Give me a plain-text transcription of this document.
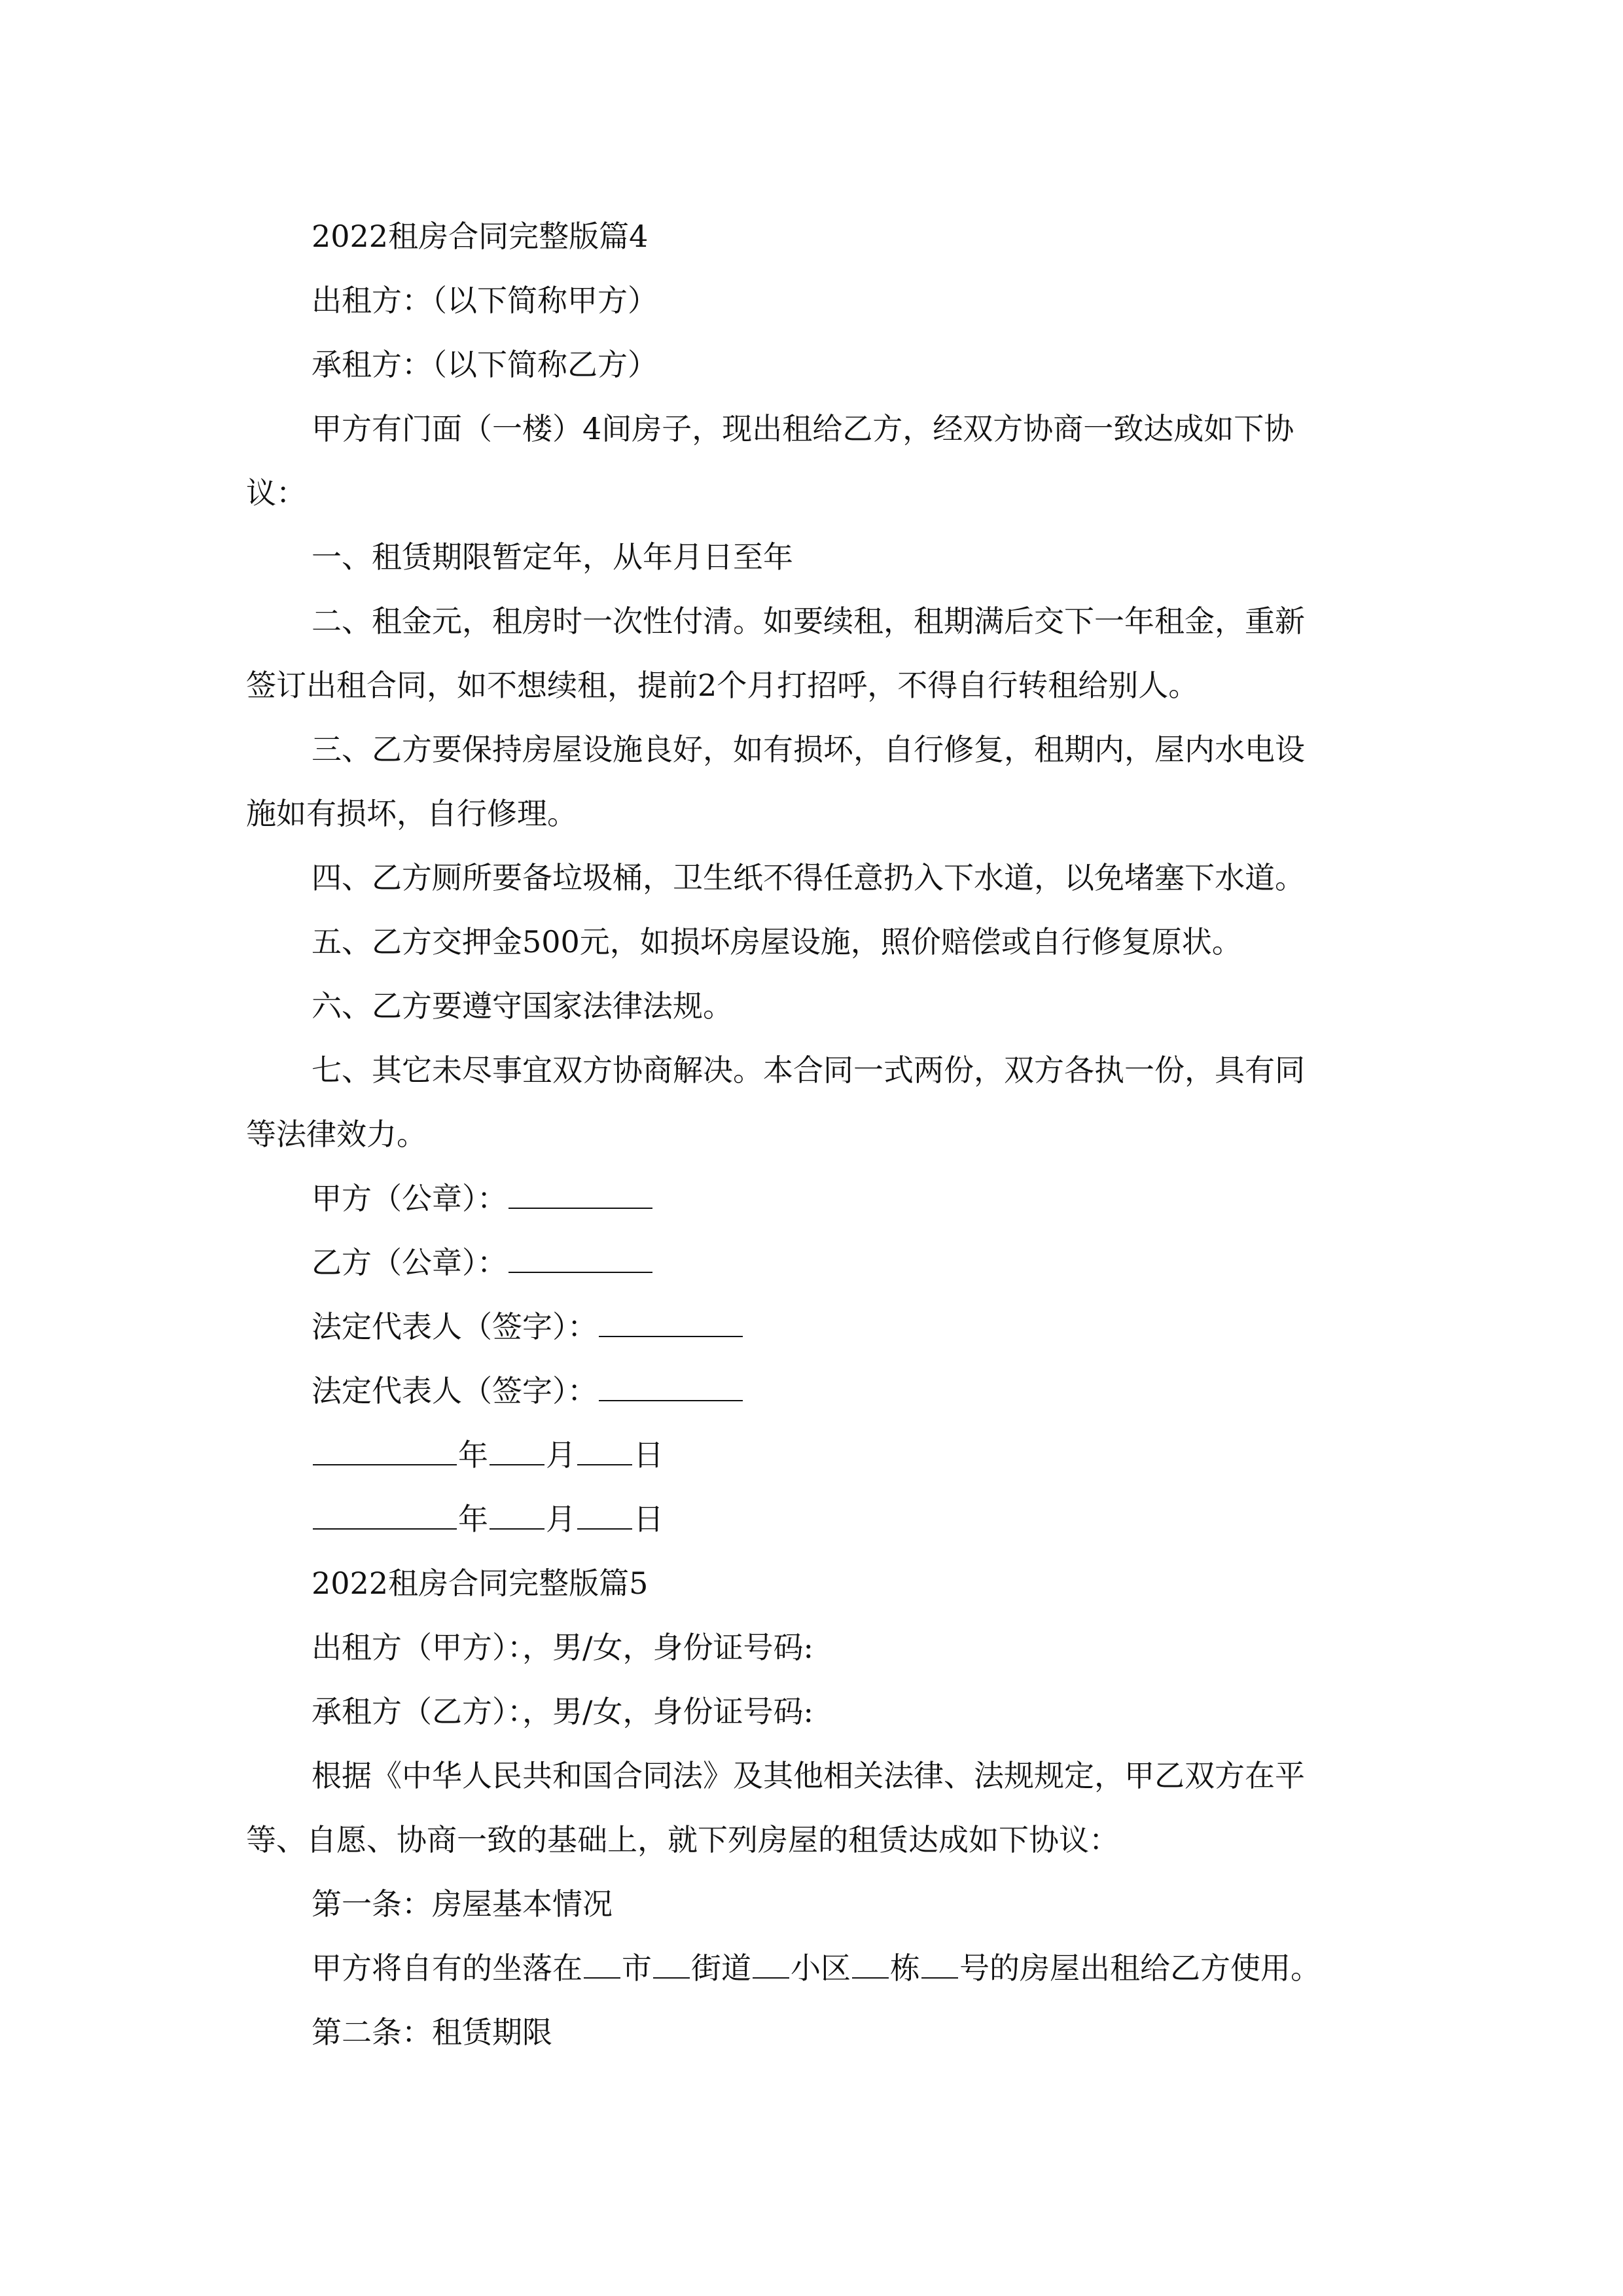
2022租房合同完整版篇4
出租方：（以下简称甲方）
承租方：（以下简称乙方）
甲方有门面（一楼）4间房子，现出租给乙方，经双方协商一致达成如下协
议：
一、租赁期限暂定年，从年月日至年
二、租金元，租房时一次性付清。如要续租，租期满后交下一年租金，重新
签订出租合同，如不想续租，提前2个月打招呼，不得自行转租给别人。
三、乙方要保持房屋设施良好，如有损坏，自行修复，租期内，屋内水电设
施如有损坏，自行修理。
四、乙方厕所要备垃圾桶，卫生纸不得任意扔入下水道，以免堵塞下水道。
五、乙方交押金500元，如损坏房屋设施，照价赔偿或自行修复原状。
六、乙方要遵守国家法律法规。
七、其它未尽事宜双方协商解决。本合同一式两份，双方各执一份，具有同
等法律效力。
甲方（公章）：
乙方（公章）：
法定代表人（签字）：
法定代表人（签字）：
年 月 日
年 月 日
2022租房合同完整版篇5
出租方（甲方）：，男/女，身份证号码:
承租方（乙方）：，男/女，身份证号码:
根据《中华人民共和国合同法》及其他相关法律、法规规定，甲乙双方在平
等、自愿、协商一致的基础上，就下列房屋的租赁达成如下协议：
第一条：房屋基本情况
甲方将自有的坐落在 市 街道 小区 栋 号的房屋出租给乙方使用。
第二条：租赁期限
